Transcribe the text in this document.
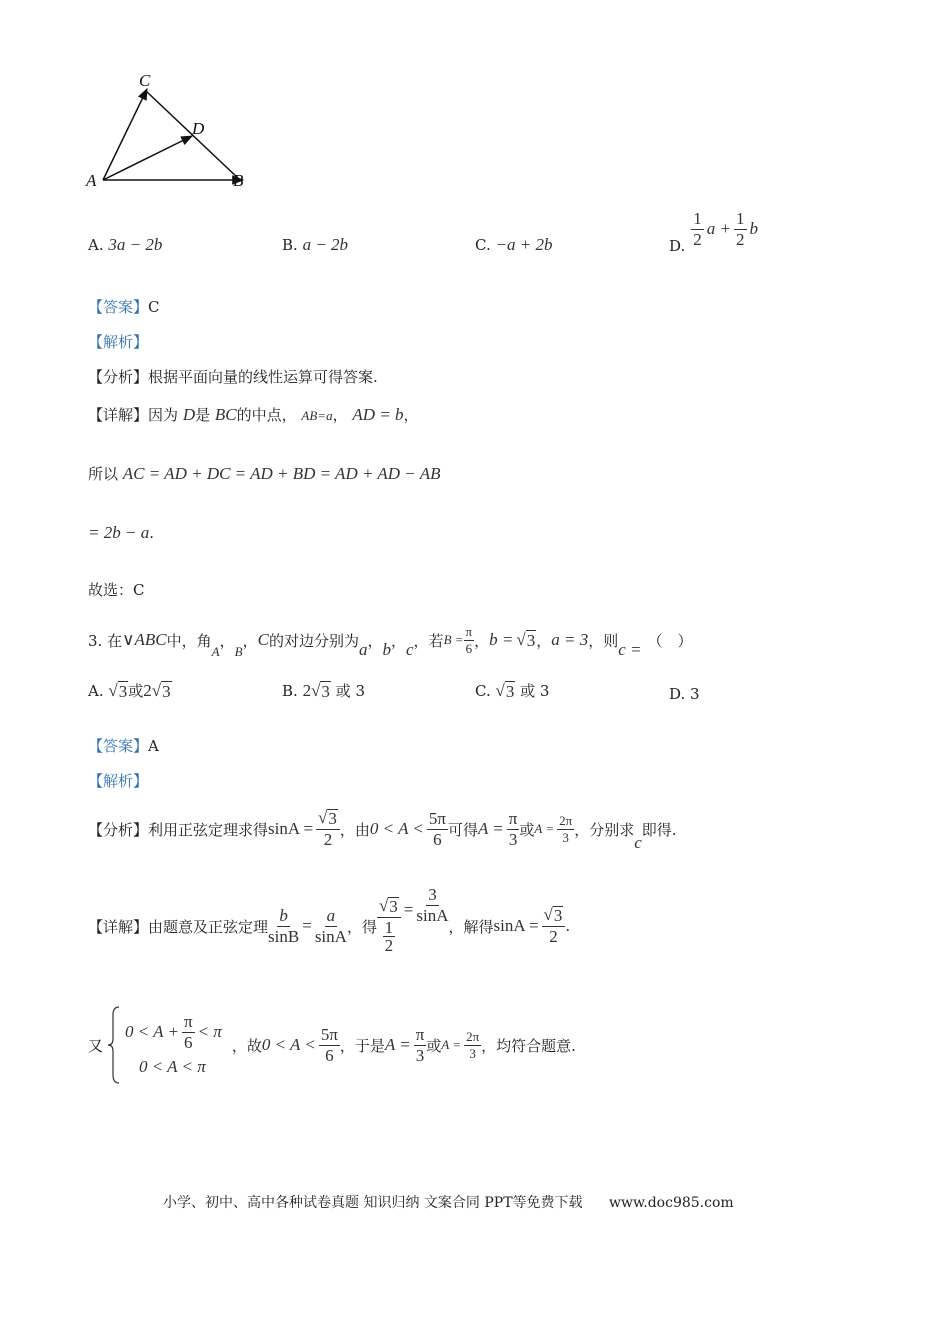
C
D
A	B
A. 3a − 2b	B. a − 2b	C. −a + 2b	D. $\frac{1}{2}$ $a + \frac{1}{2}$ b
【答案】C
【解析】
【分析】根据平面向量的线性运算可得答案.
【详解】因为 D是 BC的中点， AB=a， AD = b，
所以 AC = AD + DC = AD + BD = AD + AD − AB
= 2b − a.
故选：C
3. 在 ∨ABC 中，角
A
，
B
， C 的对边分别为 a ， b ， c ，若 $B = \frac{\pi}{6}$ ， b = √ 3 ， a = 3 ，则 c = （　）
A. √ 3 或2√ 3	B. 2√ 3 或 3	C. √ 3 或 3	D. 3
【答案】A
【解析】
【分析】 利用正弦定理求得 $\sin A = \frac{√ 3}{2}$ ，由 $0 < A < \frac{5\pi}{6}$ 可得 $A = \frac{\pi}{3}$ 或 $A = \frac{2\pi}{3}$ ，分别求
c
即得.
【详解】 由题意及正弦定理 $\frac{b}{\sin B} = \frac{a}{\sin A}$ ，得 √ 3
1
$2 = \frac{3}{\sin A}$
，解得 $\sin A = \frac{√ 3}{2}$ .
又
$0 < A + \frac{\pi}{6} < \pi$
0 < A < π
，故 $0 < A < \frac{5\pi}{6}$ ，于是 $A = \frac{\pi}{3}$ 或 $A = \frac{2\pi}{3}$ ，均符合题意.
小学、初中、高中各种试卷真题 知识归纳 文案合同 PPT等免费下载 www.doc985.com
